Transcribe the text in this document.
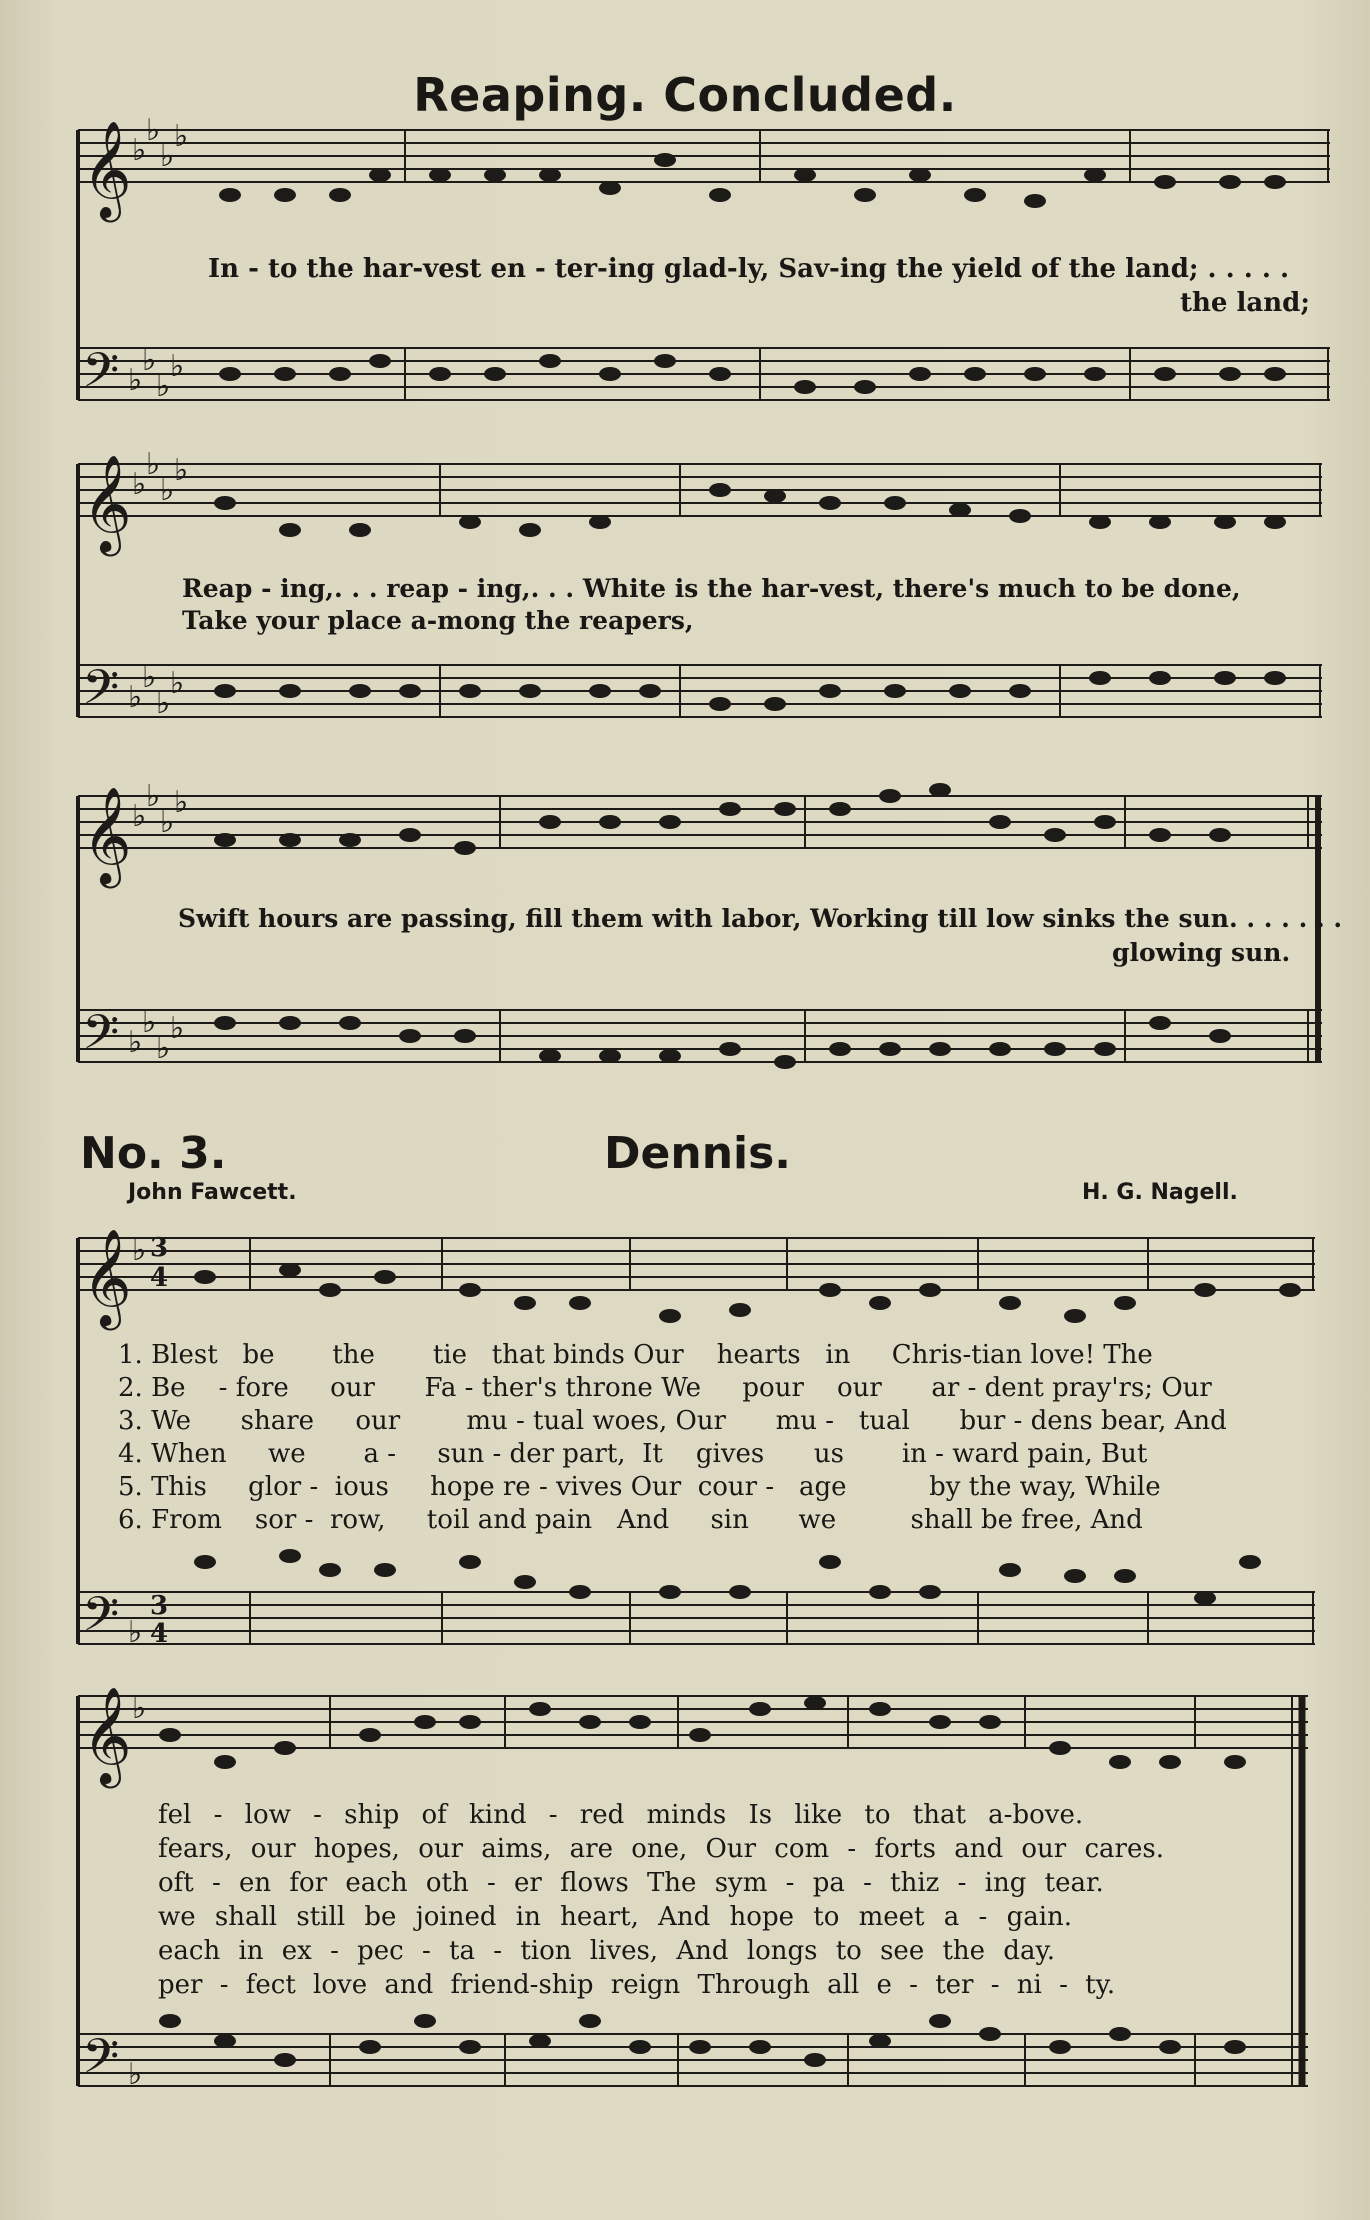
Reaping. Concluded.
𝄞
𝄢
𝄞
𝄢
𝄞
𝄢
𝄞
𝄢
𝄞
𝄢
♭
♭
♭
♭
♭
♭
♭
♭
♭
♭
♭
♭
♭
♭
♭
♭
♭
♭
♭
♭
♭
♭
♭
♭
♭
♭
♭
♭
3
4
3
4
In - to the har-vest en - ter-ing glad-ly, Sav-ing the yield of the land; . . . . .
the land;
Reap - ing,. . . reap - ing,. . . White is the har-vest, there's much to be done,
Take your place a-mong the reapers,
Swift hours are passing, fill them with labor, Working till low sinks the sun. . . . . . .
glowing sun.
No. 3.	Dennis.
John Fawcett.	H. G. Nagell.
1. Blest be the tie that binds Our hearts in Chris-tian love! The
2. Be - fore our Fa - ther's throne We pour our ar - dent pray'rs; Our
3. We share our	mu - tual woes, Our mu - tual bur - dens bear, And
4. When we a - sun - der part, It gives us in - ward pain, But
5. This glor - ious hope re - vives Our cour - age	by the way, While
6. From sor - row, toil and pain And sin we	shall be free, And
fel - low - ship of kind - red minds Is like to that a-bove.
fears, our hopes, our aims, are one, Our com - forts and our cares.
oft - en for each oth - er flows The sym - pa - thiz - ing tear.
we shall still be joined in heart, And hope to meet a - gain.
each in ex - pec - ta - tion lives, And longs to see the day.
per - fect love and friend-ship reign Through all e - ter - ni - ty.
